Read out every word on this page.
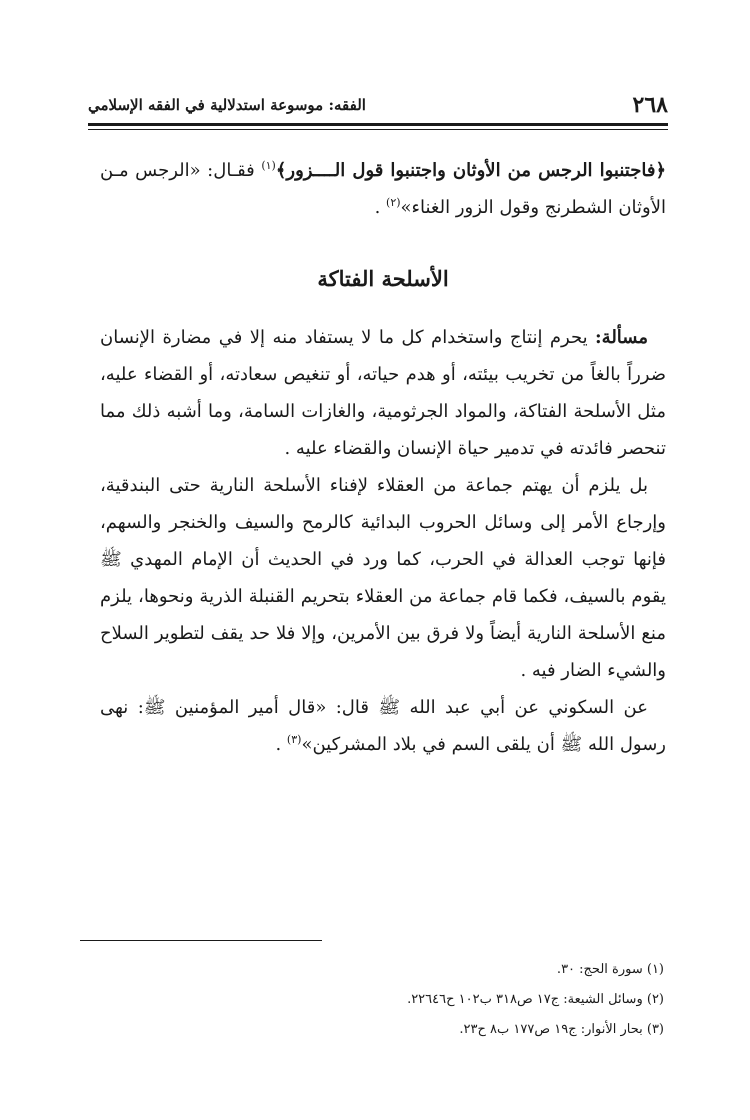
٢٦٨
الفقه: موسوعة استدلالية في الفقه الإسلامي

﴿فاجتنبوا الرجس من الأوثان واجتنبوا قول الــــزور﴾$^{(١)}$ فقـال: «الرجس مـن الأوثان الشطرنج وقول الزور الغناء»$^{(٢)}$ .

الأسلحة الفتاكة

مسألة: يحرم إنتاج واستخدام كل ما لا يستفاد منه إلا في مضارة الإنسان ضرراً بالغاً من تخريب بيئته، أو هدم حياته، أو تنغيص سعادته، أو القضاء عليه، مثل الأسلحة الفتاكة، والمواد الجرثومية، والغازات السامة، وما أشبه ذلك مما تنحصر فائدته في تدمير حياة الإنسان والقضاء عليه .

بل يلزم أن يهتم جماعة من العقلاء لإفناء الأسلحة النارية حتى البندقية، وإرجاع الأمر إلى وسائل الحروب البدائية كالرمح والسيف والخنجر والسهم، فإنها توجب العدالة في الحرب، كما ورد في الحديث أن الإمام المهدي ﷺ يقوم بالسيف، فكما قام جماعة من العقلاء بتحريم القنبلة الذرية ونحوها، يلزم منع الأسلحة النارية أيضاً ولا فرق بين الأمرين، وإلا فلا حد يقف لتطوير السلاح والشيء الضار فيه .

عن السكوني عن أبي عبد الله ﷺ قال: «قال أمير المؤمنين ﷺ: نهى رسول الله ﷺ أن يلقى السم في بلاد المشركين»$^{(٣)}$ .

(١) سورة الحج: ٣٠.

(٢) وسائل الشيعة: ج١٧ ص٣١٨ ب١٠٢ ح٢٢٦٤٦.

(٣) بحار الأنوار: ج١٩ ص١٧٧ ب٨ ح٢٣.
